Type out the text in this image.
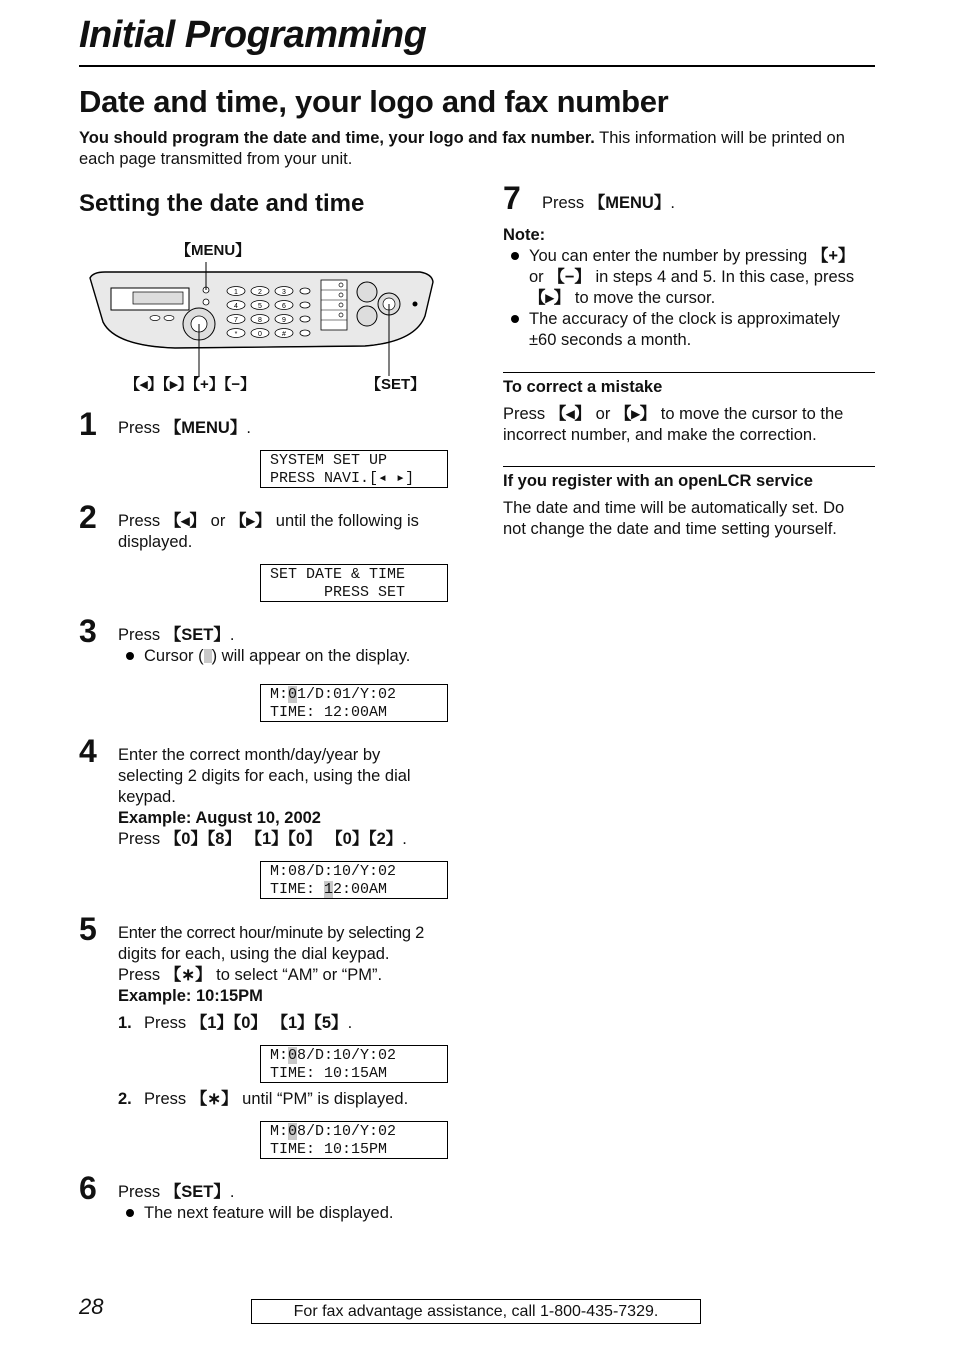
Initial Programming
Date and time, your logo and fax number
You should program the date and time, your logo and fax number. This information will be printed on each page transmitted from your unit.
Setting the date and time
【MENU】
1	2	3
4	5	6
7	8	9
*	0	#
【◂】【▸】【+】【−】	【SET】
1 Press 【MENU】.
SYSTEM SET UP
PRESS NAVI.[◂ ▸]
2 Press 【◂】 or 【▸】 until the following is
displayed.
SET DATE & TIME
PRESS SET
3 Press 【SET】.
Cursor ( ) will appear on the display.
M:01/D:01/Y:02
TIME: 12:00AM
4 Enter the correct month/day/year by
selecting 2 digits for each, using the dial
keypad.
Example: August 10, 2002
Press 【0】【8】 【1】【0】 【0】【2】.
M:08/D:10/Y:02
TIME: 12:00AM
5 Enter the correct hour/minute by selecting 2
digits for each, using the dial keypad.
Press 【∗】 to select “AM” or “PM”.
Example: 10:15PM
1. Press 【1】【0】 【1】【5】.
M:08/D:10/Y:02
TIME: 10:15AM
2. Press 【∗】 until “PM” is displayed.
M:08/D:10/Y:02
TIME: 10:15PM
6 Press 【SET】.
The next feature will be displayed.
7 Press 【MENU】.
Note:
You can enter the number by pressing 【+】
or 【−】 in steps 4 and 5. In this case, press
【▸】 to move the cursor.
The accuracy of the clock is approximately
±60 seconds a month.
To correct a mistake
Press 【◂】 or 【▸】 to move the cursor to the
incorrect number, and make the correction.
If you register with an openLCR service
The date and time will be automatically set. Do
not change the date and time setting yourself.
28	For fax advantage assistance, call 1-800-435-7329.
